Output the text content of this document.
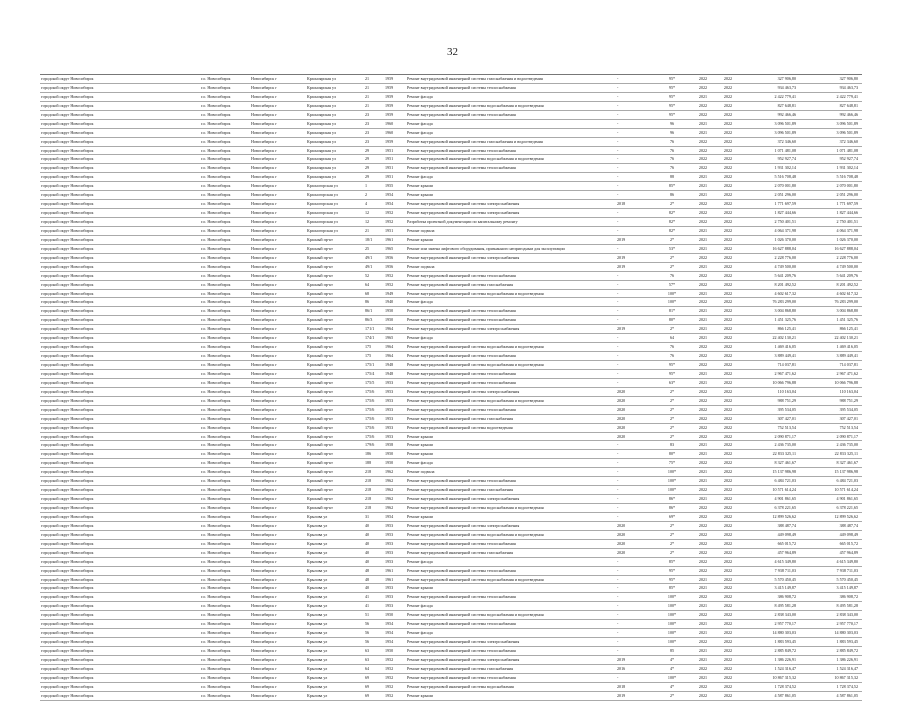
32
городской округ Новосибирск	г.о. Новосибирск	Новосибирск г	Красноярская ул	21	1959	Ремонт внутридомовой инженерной системы газоснабжения и водоотведения	-	95*	2022	2022	327 906,80	327 906,80
городской округ Новосибирск	г.о. Новосибирск	Новосибирск г	Красноярская ул	21	1959	Ремонт внутридомовой инженерной системы теплоснабжения	-	95*	2022	2022	934 463,73	934 463,73
городской округ Новосибирск	г.о. Новосибирск	Новосибирск г	Красноярская ул	21	1959	Ремонт фасада	-	95*	2021	2022	2 422 779,41	2 422 779,41
городской округ Новосибирск	г.о. Новосибирск	Новосибирск г	Красноярская ул	21	1959	Ремонт внутридомовой инженерной системы водоснабжения и водоотведения	-	95*	2022	2022	827 648,81	827 648,81
городской округ Новосибирск	г.о. Новосибирск	Новосибирск г	Красноярская ул	23	1959	Ремонт внутридомовой инженерной системы теплоснабжения	-	95*	2022	2022	992 466,46	992 466,46
городской округ Новосибирск	г.о. Новосибирск	Новосибирск г	Красноярская ул	23	1960	Ремонт фасада	-	96	2021	2022	3 096 501,89	3 096 501,89
городской округ Новосибирск	г.о. Новосибирск	Новосибирск г	Красноярская ул	23	1960	Ремонт фасада	-	96	2021	2022	3 096 501,89	3 096 501,89
городской округ Новосибирск	г.о. Новосибирск	Новосибирск г	Красноярская ул	23	1959	Ремонт внутридомовой инженерной системы газоснабжения и водоотведения	-	76	2022	2022	372 346,60	372 346,60
городской округ Новосибирск	г.о. Новосибирск	Новосибирск г	Красноярская ул	29	1951	Ремонт внутридомовой инженерной системы теплоснабжения	-	76	2022	2022	1 071 481,08	1 071 481,08
городской округ Новосибирск	г.о. Новосибирск	Новосибирск г	Красноярская ул	29	1951	Ремонт внутридомовой инженерной системы водоснабжения и водоотведения	-	76	2022	2022	952 927,74	952 927,74
городской округ Новосибирск	г.о. Новосибирск	Новосибирск г	Красноярская ул	29	1951	Ремонт внутридомовой инженерной системы теплоснабжения	-	76	2022	2022	1 931 302,14	1 931 302,14
городской округ Новосибирск	г.о. Новосибирск	Новосибирск г	Красноярская ул	29	1951	Ремонт фасада	-	88	2021	2022	5 516 708,48	5 516 708,48
городской округ Новосибирск	г.о. Новосибирск	Новосибирск г	Красногорская ул	1	1955	Ремонт крыши	-	85*	2021	2022	2 070 001,80	2 070 001,80
городской округ Новосибирск	г.о. Новосибирск	Новосибирск г	Красногорская ул	2	1954	Ремонт крыши	-	86	2021	2022	2 051 296,00	2 051 296,00
городской округ Новосибирск	г.о. Новосибирск	Новосибирск г	Красногорская ул	4	1954	Ремонт внутридомовой инженерной системы электроснабжения	2018	2*	2022	2022	1 771 697,59	1 771 697,59
городской округ Новосибирск	г.о. Новосибирск	Новосибирск г	Красногорская ул	12	1952	Ремонт внутридомовой инженерной системы электроснабжения	-	82*	2022	2022	1 827 444,66	1 827 444,66
городской округ Новосибирск	г.о. Новосибирск	Новосибирск г	Красногорская ул	12	1952	Разработка проектной документации по капитальному ремонту	-	82*	2022	2022	2 750 401,51	2 750 401,51
городской округ Новосибирск	г.о. Новосибирск	Новосибирск г	Красногорская ул	21	1951	Ремонт подвала	-	82*	2021	2022	4 064 371,98	4 064 371,98
городской округ Новосибирск	г.о. Новосибирск	Новосибирск г	Красный пр-кт	18/1	1961	Ремонт крыши	2019	2*	2021	2022	1 026 370,00	1 026 370,00
городской округ Новосибирск	г.о. Новосибирск	Новосибирск г	Красный пр-кт	25	1965	Ремонт или замена лифтового оборудования, признанного непригодным для эксплуатации	-	53*	2021	2022	16 627 888,04	16 627 888,04
городской округ Новосибирск	г.о. Новосибирск	Новосибирск г	Красный пр-кт	49/1	1956	Ремонт внутридомовой инженерной системы электроснабжения	2019	2*	2022	2022	2 228 776,00	2 228 776,00
городской округ Новосибирск	г.о. Новосибирск	Новосибирск г	Красный пр-кт	49/1	1956	Ремонт подвала	2019	2*	2021	2022	4 749 500,00	4 749 500,00
городской округ Новосибирск	г.о. Новосибирск	Новосибирск г	Красный пр-кт	52	1952	Ремонт внутридомовой инженерной системы теплоснабжения	-	76	2022	2022	5 641 209,76	5 641 209,76
городской округ Новосибирск	г.о. Новосибирск	Новосибирск г	Красный пр-кт	64	1952	Ремонт внутридомовой инженерной системы газоснабжения	-	57*	2022	2022	8 201 492,52	8 201 492,52
городской округ Новосибирск	г.о. Новосибирск	Новосибирск г	Красный пр-кт	68	1949	Ремонт внутридомовой инженерной системы водоснабжения и водоотведения	-	100*	2021	2022	4 602 617,32	4 602 617,32
городской округ Новосибирск	г.о. Новосибирск	Новосибирск г	Красный пр-кт	86	1940	Ремонт фасада	-	100*	2022	2022	76 283 299,00	76 283 299,00
городской округ Новосибирск	г.о. Новосибирск	Новосибирск г	Красный пр-кт	86/1	1950	Ремонт внутридомовой инженерной системы теплоснабжения	-	81*	2021	2022	3 004 868,80	3 004 868,80
городской округ Новосибирск	г.о. Новосибирск	Новосибирск г	Красный пр-кт	86/3	1950	Ремонт внутридомовой инженерной системы теплоснабжения	-	80*	2021	2022	1 451 325,76	1 451 325,76
городской округ Новосибирск	г.о. Новосибирск	Новосибирск г	Красный пр-кт	171/1	1964	Ремонт внутридомовой инженерной системы электроснабжения	2019	2*	2021	2022	866 125,41	866 125,41
городской округ Новосибирск	г.о. Новосибирск	Новосибирск г	Красный пр-кт	174/1	1965	Ремонт фасада	-	64	2021	2022	22 402 130,21	22 402 130,21
городской округ Новосибирск	г.о. Новосибирск	Новосибирск г	Красный пр-кт	175	1964	Ремонт внутридомовой инженерной системы водоснабжения и водоотведения	-	76	2022	2022	1 469 416,05	1 469 416,05
городской округ Новосибирск	г.о. Новосибирск	Новосибирск г	Красный пр-кт	175	1964	Ремонт внутридомовой инженерной системы теплоснабжения	-	76	2022	2022	3 889 449,41	3 889 449,41
городской округ Новосибирск	г.о. Новосибирск	Новосибирск г	Красный пр-кт	175/1	1948	Ремонт внутридомовой инженерной системы водоснабжения и водоотведения	-	95*	2022	2022	714 037,81	714 037,81
городской округ Новосибирск	г.о. Новосибирск	Новосибирск г	Красный пр-кт	175/4	1948	Ремонт внутридомовой инженерной системы теплоснабжения	-	95*	2021	2022	2 967 471,62	2 967 471,62
городской округ Новосибирск	г.о. Новосибирск	Новосибирск г	Красный пр-кт	175/5	1953	Ремонт внутридомовой инженерной системы теплоснабжения	-	63*	2021	2022	10 066 796,88	10 066 796,88
городской округ Новосибирск	г.о. Новосибирск	Новосибирск г	Красный пр-кт	175/6	1953	Ремонт внутридомовой инженерной системы электроснабжения	2020	2*	2022	2022	110 163,04	110 163,04
городской округ Новосибирск	г.о. Новосибирск	Новосибирск г	Красный пр-кт	175/6	1953	Ремонт внутридомовой инженерной системы водоснабжения и водоотведения	2020	2*	2022	2022	988 751,29	988 751,29
городской округ Новосибирск	г.о. Новосибирск	Новосибирск г	Красный пр-кт	175/6	1953	Ремонт внутридомовой инженерной системы теплоснабжения	2020	2*	2022	2022	395 534,05	395 534,05
городской округ Новосибирск	г.о. Новосибирск	Новосибирск г	Красный пр-кт	175/6	1953	Ремонт внутридомовой инженерной системы газоснабжения	2020	2*	2022	2022	307 427,01	307 427,01
городской округ Новосибирск	г.о. Новосибирск	Новосибирск г	Красный пр-кт	175/6	1953	Ремонт внутридомовой инженерной системы водоотведения	2020	2*	2022	2022	752 513,54	752 513,54
городской округ Новосибирск	г.о. Новосибирск	Новосибирск г	Красный пр-кт	175/6	1953	Ремонт крыши	2020	2*	2022	2022	2 090 871,17	2 090 871,17
городской округ Новосибирск	г.о. Новосибирск	Новосибирск г	Красный пр-кт	179/6	1958	Ремонт крыши	-	83	2021	2022	2 436 735,00	2 436 735,00
городской округ Новосибирск	г.о. Новосибирск	Новосибирск г	Красный пр-кт	186	1950	Ремонт крыши	-	80*	2021	2022	22 833 325,11	22 833 325,11
городской округ Новосибирск	г.о. Новосибирск	Новосибирск г	Красный пр-кт	188	1950	Ремонт фасада	-	75*	2022	2022	8 327 461,67	8 327 461,67
городской округ Новосибирск	г.о. Новосибирск	Новосибирск г	Красный пр-кт	218	1962	Ремонт подвала	-	100*	2021	2022	15 137 986,98	15 137 986,98
городской округ Новосибирск	г.о. Новосибирск	Новосибирск г	Красный пр-кт	218	1962	Ремонт внутридомовой инженерной системы теплоснабжения	-	100*	2021	2022	6 484 721,03	6 484 721,03
городской округ Новосибирск	г.о. Новосибирск	Новосибирск г	Красный пр-кт	218	1962	Ремонт внутридомовой инженерной системы газоснабжения	-	100*	2022	2022	10 571 614,24	10 571 614,24
городской округ Новосибирск	г.о. Новосибирск	Новосибирск г	Красный пр-кт	218	1962	Ремонт внутридомовой инженерной системы электроснабжения	-	86*	2021	2022	4 901 861,65	4 901 861,65
городской округ Новосибирск	г.о. Новосибирск	Новосибирск г	Красный пр-кт	218	1962	Ремонт внутридомовой инженерной системы водоснабжения и водоотведения	-	86*	2022	2022	6 378 221,65	6 378 221,65
городской округ Новосибирск	г.о. Новосибирск	Новосибирск г	Крылова ул	31	1954	Ремонт крыши	-	69*	2022	2022	12 899 526,62	12 899 526,62
городской округ Новосибирск	г.о. Новосибирск	Новосибирск г	Крылова ул	40	1953	Ремонт внутридомовой инженерной системы электроснабжения	2020	2*	2022	2022	388 487,74	388 487,74
городской округ Новосибирск	г.о. Новосибирск	Новосибирск г	Крылова ул	40	1953	Ремонт внутридомовой инженерной системы водоснабжения и водоотведения	2020	2*	2022	2022	449 098,49	449 098,49
городской округ Новосибирск	г.о. Новосибирск	Новосибирск г	Крылова ул	40	1953	Ремонт внутридомовой инженерной системы теплоснабжения	2020	2*	2022	2022	665 015,72	665 015,72
городской округ Новосибирск	г.о. Новосибирск	Новосибирск г	Крылова ул	40	1953	Ремонт внутридомовой инженерной системы газоснабжения	2020	2*	2022	2022	457 964,89	457 964,89
городской округ Новосибирск	г.о. Новосибирск	Новосибирск г	Крылова ул	40	1953	Ремонт фасада	-	85*	2022	2022	4 615 349,80	4 615 349,80
городской округ Новосибирск	г.о. Новосибирск	Новосибирск г	Крылова ул	48	1961	Ремонт внутридомовой инженерной системы теплоснабжения	-	95*	2022	2022	7 938 711,03	7 938 711,03
городской округ Новосибирск	г.о. Новосибирск	Новосибирск г	Крылова ул	48	1961	Ремонт внутридомовой инженерной системы водоснабжения и водоотведения	-	95*	2021	2022	5 570 450,45	5 570 450,45
городской округ Новосибирск	г.о. Новосибирск	Новосибирск г	Крылова ул	40	1953	Ремонт крыши	-	85*	2021	2022	3 415 149,87	3 415 149,87
городской округ Новосибирск	г.о. Новосибирск	Новосибирск г	Крылова ул	41	1953	Ремонт внутридомовой инженерной системы теплоснабжения	-	100*	2022	2022	386 908,72	386 908,72
городской округ Новосибирск	г.о. Новосибирск	Новосибирск г	Крылова ул	41	1953	Ремонт фасада	-	100*	2021	2022	8 495 581,28	8 495 581,28
городской округ Новосибирск	г.о. Новосибирск	Новосибирск г	Крылова ул	51	1950	Ремонт внутридомовой инженерной системы водоснабжения и водоотведения	-	100*	2022	2022	2 838 343,00	2 838 343,00
городской округ Новосибирск	г.о. Новосибирск	Новосибирск г	Крылова ул	56	1954	Ремонт внутридомовой инженерной системы теплоснабжения	-	100*	2021	2022	2 957 770,17	2 957 770,17
городской округ Новосибирск	г.о. Новосибирск	Новосибирск г	Крылова ул	56	1954	Ремонт фасада	-	100*	2021	2022	14 880 303,03	14 880 303,03
городской округ Новосибирск	г.о. Новосибирск	Новосибирск г	Крылова ул	56	1954	Ремонт внутридомовой инженерной системы электроснабжения	-	100*	2022	2022	1 883 593,45	1 883 593,45
городской округ Новосибирск	г.о. Новосибирск	Новосибирск г	Крылова ул	63	1950	Ремонт внутридомовой инженерной системы теплоснабжения	-	85	2021	2022	2 885 849,72	2 885 849,72
городской округ Новосибирск	г.о. Новосибирск	Новосибирск г	Крылова ул	63	1952	Ремонт внутридомовой инженерной системы электроснабжения	2019	4*	2021	2022	1 386 226,91	1 386 226,91
городской округ Новосибирск	г.о. Новосибирск	Новосибирск г	Крылова ул	64	1952	Ремонт внутридомовой инженерной системы газоснабжения	2016	4*	2022	2022	1 524 316,47	1 524 316,47
городской округ Новосибирск	г.о. Новосибирск	Новосибирск г	Крылова ул	69	1952	Ремонт внутридомовой инженерной системы теплоснабжения	-	100*	2021	2022	10 867 315,32	10 867 315,32
городской округ Новосибирск	г.о. Новосибирск	Новосибирск г	Крылова ул	69	1952	Ремонт внутридомовой инженерной системы водоснабжения	2018	4*	2022	2022	1 728 374,52	1 728 374,52
городской округ Новосибирск	г.о. Новосибирск	Новосибирск г	Крылова ул	69	1952	Ремонт крыши	2019	2*	2022	2022	4 587 861,05	4 587 861,05
